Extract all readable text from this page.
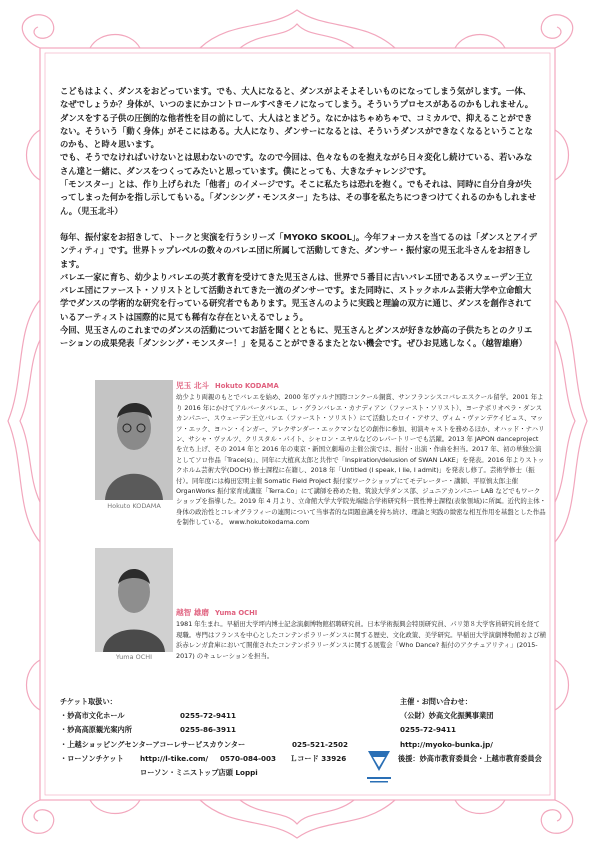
こどもはよく、ダンスをおどっています。でも、大人になると、ダンスがよそよそしいものになってしまう気がします。一体、なぜでしょうか？身体が、いつのまにかコントロールすべきモノになってしまう。そういうプロセスがあるのかもしれません。

ダンスをする子供の圧倒的な他者性を目の前にして、大人はとまどう。なにかはちゃめちゃで、コミカルで、抑えることができない。そういう「動く身体」がそこにはある。大人になり、ダンサーになるとは、そういうダンスができなくなるということなのかも、と時々思います。

でも、そうでなければいけないとは思わないのです。なので今回は、色々なものを抱えながら日々変化し続けている、若いみなさん達と一緒に、ダンスをつくってみたいと思っています。僕にとっても、大きなチャレンジです。

「モンスター」とは、作り上げられた「他者」のイメージです。そこに私たちは恐れを抱く。でもそれは、同時に自分自身が失ってしまった何かを指し示してもいる。「ダンシング・モンスター」たちは、その事を私たちにつきつけてくれるのかもしれません。（児玉北斗）

毎年、振付家をお招きして、トークと実演を行うシリーズ「MYOKO SKOOL」。今年フォーカスを当てるのは「ダンスとアイデンティティ」です。世界トップレベルの数々のバレエ団に所属して活動してきた、ダンサー・振付家の児玉北斗さんをお招きします。

バレエ一家に育ち、幼少よりバレエの英才教育を受けてきた児玉さんは、世界で５番目に古いバレエ団であるスウェーデン王立バレエ団にファースト・ソリストとして活動されてきた一流のダンサーです。また同時に、ストックホルム芸術大学や立命館大学でダンスの学術的な研究を行っている研究者でもあります。児玉さんのように実践と理論の双方に通じ、ダンスを創作されているアーティストは国際的に見ても稀有な存在といえるでしょう。

今回、児玉さんのこれまでのダンスの活動についてお話を聞くとともに、児玉さんとダンスが好きな妙高の子供たちとのクリエーションの成果発表「ダンシング・モンスター！」を見ることができるまたとない機会です。ぜひお見逃しなく。（越智雄磨）

Hokuto KODAMA
児玉 北斗 Hokuto KODAMA
幼少より両親のもとでバレエを始め、2000 年ヴァルナ国際コンクール銅賞、サンフランシスコバレエスクール留学。2001 年より 2016 年にかけてアルバータバレエ、レ・グランバレエ・カナディアン（ファースト・ソリスト）、ヨーテボリオペラ・ダンスカンパニー、スウェーデン王立バレエ（ファースト・ソリスト）にて活動したロイ・アサフ、ヴィム・ヴァンデケイビュス、マッツ・エック、ヨハン・インガー、アレクサンダー・エックマンなどの創作に参加、初演キャストを務めるほか、オハッド・ナハリン、サシャ・ヴァルツ、クリスタル・パイト、シャロン・エヤルなどのレパートリーでも活躍。2013 年 JAPON danceproject を立ち上げ、その 2014 年と 2016 年の東京・新国立劇場の主催公演では、振付・出演・作曲を担当。2017 年、初の単独公演としてソロ作品「Trace(s)」、同年に大植真太郎と共作で「Inspiration/delusion of SWAN LAKE」を発表。2016 年よりストックホルム芸術大学(DOCH) 修士課程に在籍し、2018 年「Untitled (I speak, I lie, I admit)」を発表し修了。芸術学修士（振付）。同年度には梅田宏明主催 Somatic Field Project 振付家ワークショップにてモデレーター・講師、平原慎太郎主催 OrganWorks 振付家育成講座「Terra.Co」にて講師を務めた他、筑波大学ダンス部、ジュニアカンパニー LAB などでもワークショップを指導した。2019 年 4 月より、立命館大学大学院先端総合学術研究科一貫性博士課程(表象領域)に所属。近代的主体・身体の政治性とコレオグラフィーの連関について当事者的な問題意識を持ち続け、理論と実践の緻密な相互作用を基盤とした作品を制作している。 www.hokutokodama.com
Yuma OCHI
越智 雄磨 Yuma OCHI
1981 年生まれ。早稲田大学坪内博士記念演劇博物館招聘研究員。日本学術振興会特別研究員、パリ第８大学客員研究員を経て現職。専門はフランスを中心としたコンテンポラリーダンスに関する歴史、文化政策、美学研究。早稲田大学演劇博物館および横浜赤レンガ倉庫において開催されたコンテンポラリーダンスに関する展覧会「Who Dance? 振付のアクチュアリティ」(2015-2017) のキュレーションを担当。
チケット取扱い：
・妙高市文化ホール	0255-72-9411
・妙高高原観光案内所	0255-86-3911
・上越ショッピングセンターアコーレサービスカウンター	025-521-2502
・ローソンチケット http://l-tike.com/ 0570-084-003 Ｌコード 33926
ローソン・ミニストップ店頭 Loppi
主催・お問い合わせ：
（公財）妙高文化振興事業団
0255-72-9411
http://myoko-bunka.jp/
後援：妙高市教育委員会・上越市教育委員会
